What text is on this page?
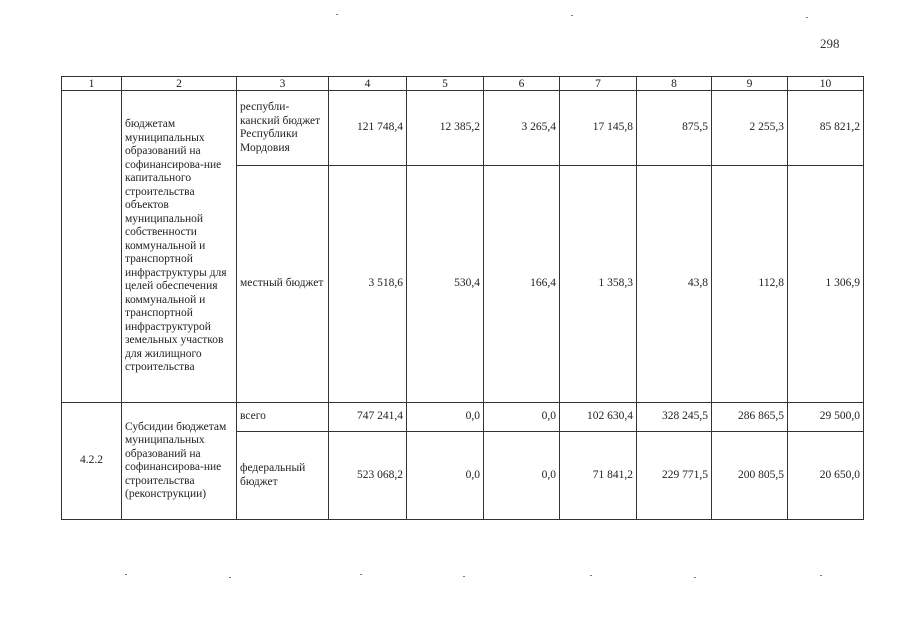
298
1	2	3	4	5	6	7	8	9	10
	бюджетам муниципальных образований на софинансирова-ние капитального строительства объектов муниципальной собственности коммунальной и транспортной инфраструктуры для целей обеспечения коммунальной и транспортной инфраструктурой земельных участков для жилищного строительства	республи-канский бюджет Республики Мордовия	121 748,4	12 385,2	3 265,4	17 145,8	875,5	2 255,3	85 821,2
		местный бюджет	3 518,6	530,4	166,4	1 358,3	43,8	112,8	1 306,9
4.2.2	Субсидии бюджетам муниципальных образований на софинансирова-ние строительства (реконструкции)	всего	747 241,4	0,0	0,0	102 630,4	328 245,5	286 865,5	29 500,0
		федеральный бюджет	523 068,2	0,0	0,0	71 841,2	229 771,5	200 805,5	20 650,0
